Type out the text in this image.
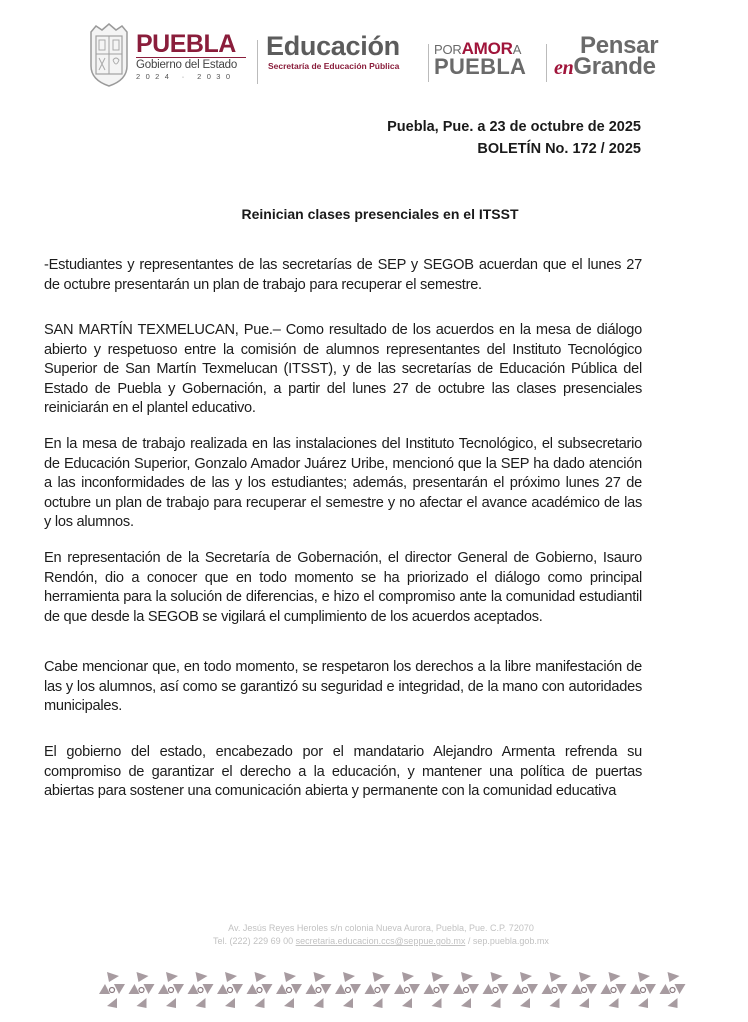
PUEBLA
Gobierno del Estado
2024 · 2030
Educación
Secretaría de Educación Pública
PORAMORA
PUEBLA
Pensar
enGrande
Puebla, Pue. a 23 de octubre de 2025
BOLETÍN No. 172 / 2025
Reinician clases presenciales en el ITSST

-Estudiantes y representantes de las secretarías de SEP y SEGOB acuerdan que el lunes 27 de octubre presentarán un plan de trabajo para recuperar el semestre.

SAN MARTÍN TEXMELUCAN, Pue.– Como resultado de los acuerdos en la mesa de diálogo abierto y respetuoso entre la comisión de alumnos representantes del Instituto Tecnológico Superior de San Martín Texmelucan (ITSST), y de las secretarías de Educación Pública del Estado de Puebla y Gobernación, a partir del lunes 27 de octubre las clases presenciales reiniciarán en el plantel educativo.

En la mesa de trabajo realizada en las instalaciones del Instituto Tecnológico, el subsecretario de Educación Superior, Gonzalo Amador Juárez Uribe, mencionó que la SEP ha dado atención a las inconformidades de las y los estudiantes; además, presentarán el próximo lunes 27 de octubre un plan de trabajo para recuperar el semestre y no afectar el avance académico de las y los alumnos.

En representación de la Secretaría de Gobernación, el director General de Gobierno, Isauro Rendón, dio a conocer que en todo momento se ha priorizado el diálogo como principal herramienta para la solución de diferencias, e hizo el compromiso ante la comunidad estudiantil de que desde la SEGOB se vigilará el cumplimiento de los acuerdos aceptados.

Cabe mencionar que, en todo momento, se respetaron los derechos a la libre manifestación de las y los alumnos, así como se garantizó su seguridad e integridad, de la mano con autoridades municipales.

El gobierno del estado, encabezado por el mandatario Alejandro Armenta refrenda su compromiso de garantizar el derecho a la educación, y mantener una política de puertas abiertas para sostener una comunicación abierta y permanente con la comunidad educativa

Av. Jesús Reyes Heroles s/n colonia Nueva Aurora, Puebla, Pue. C.P. 72070
Tel. (222) 229 69 00 secretaria.educacion.ccs@seppue.gob.mx / sep.puebla.gob.mx
